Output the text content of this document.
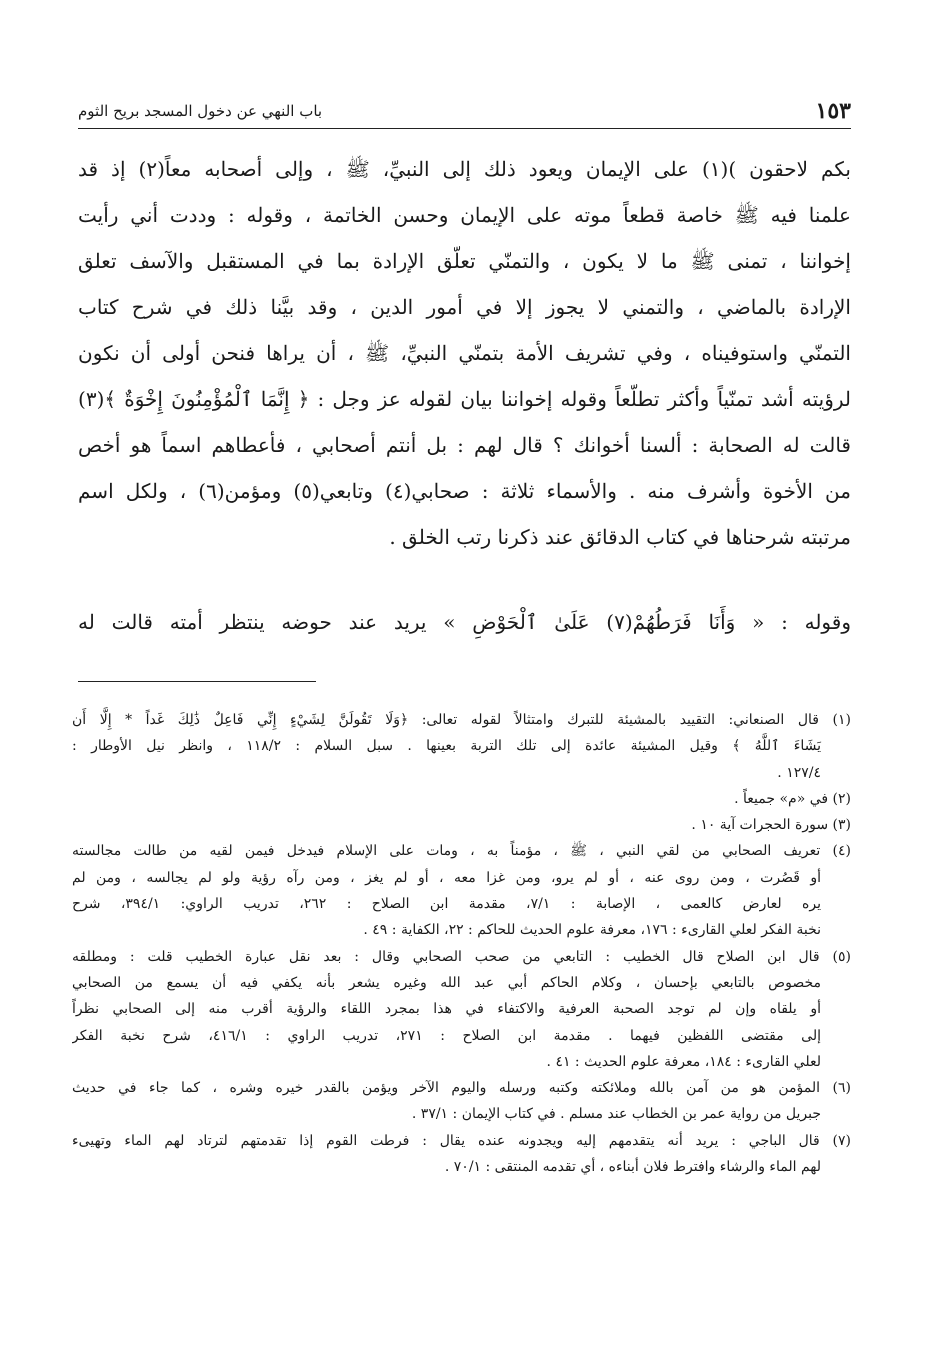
١٥٣
باب النهي عن دخول المسجد بريح الثوم
بكم لاحقون )(١) على الإيمان ويعود ذلك إلى النبيِّ، ﷺ ، وإلى أصحابه معاً(٢) إذ قد
علمنا فيه ﷺ خاصة قطعاً موته على الإيمان وحسن الخاتمة ، وقوله : وددت أني رأيت
إخواننا ، تمنى ﷺ ما لا يكون ، والتمنّي تعلّق الإرادة بما في المستقبل والآسف تعلق
الإرادة بالماضي ، والتمني لا يجوز إلا في أمور الدين ، وقد بيَّنا ذلك في شرح كتاب
التمنّي واستوفيناه ، وفي تشريف الأمة بتمنّي النبيِّ، ﷺ ، أن يراها فنحن أولى أن نكون
لرؤيته أشد تمنّياً وأكثر تطلّعاً وقوله إخواننا بيان لقوله عز وجل : ﴿ إِنَّمَا ٱلْمُؤْمِنُونَ إِخْوَةٌ ﴾(٣)
قالت له الصحابة : ألسنا أخوانك ؟ قال لهم : بل أنتم أصحابي ، فأعطاهم اسماً هو أخص
من الأخوة وأشرف منه . والأسماء ثلاثة : صحابي(٤) وتابعي(٥) ومؤمن(٦) ، ولكل اسم
مرتبته شرحناها في كتاب الدقائق عند ذكرنا رتب الخلق .
وقوله : « وَأَنَا فَرَطُهُمْ(٧) عَلَىٰ ٱلْحَوْضِ » يريد عند حوضه ينتظر أمته قالت له
(١) قال الصنعاني: التقييد بالمشيئة للتبرك وامتثالاً لقوله تعالى: ﴿وَلَا تَقُولَنَّ لِشَيْءٍ إِنِّي فَاعِلٌ ذَٰلِكَ غَداً * إِلَّا أَن
يَشَاءَ ٱللَّهُ ﴾ وقيل المشيئة عائدة إلى تلك التربة بعينها . سبل السلام : ١١٨/٢ ، وانظر نيل الأوطار :
١٢٧/٤ .
(٢) في «م» جميعاً .
(٣) سورة الحجرات آية ١٠ .
(٤) تعريف الصحابي من لقي النبي ، ﷺ ، مؤمناً به ، ومات على الإسلام فيدخل فيمن لقيه من طالت مجالسته
أو قَصُرت ، ومن روى عنه ، أو لم يرو، ومن غزا معه ، أو لم يغز ، ومن رآه رؤية ولو لم يجالسه ، ومن لم
يره لعارض كالعمى ، الإصابة : ٧/١، مقدمة ابن الصلاح : ٢٦٢، تدريب الراوي: ٣٩٤/١، شرح
نخبة الفكر لعلي القارىء : ١٧٦، معرفة علوم الحديث للحاكم : ٢٢، الكفاية : ٤٩ .
(٥) قال ابن الصلاح قال الخطيب : التابعي من صحب الصحابي وقال : بعد نقل عبارة الخطيب قلت : ومطلقه
مخصوص بالتابعي بإحسان ، وكلام الحاكم أبي عبد الله وغيره يشعر بأنه يكفي فيه أن يسمع من الصحابي
أو يلقاه وإن لم توجد الصحبة العرفية والاكتفاء في هذا بمجرد اللقاء والرؤية أقرب منه إلى الصحابي نظراً
إلى مقتضى اللفظين فيهما . مقدمة ابن الصلاح : ٢٧١، تدريب الراوي : ٤١٦/١، شرح نخبة الفكر
لعلي القارىء : ١٨٤، معرفة علوم الحديث : ٤١ .
(٦) المؤمن هو من آمن بالله وملائكته وكتبه ورسله واليوم الآخر ويؤمن بالقدر خيره وشره ، كما جاء في حديث
جبريل من رواية عمر بن الخطاب عند مسلم . في كتاب الإيمان : ٣٧/١ .
(٧) قال الباجي : يريد أنه يتقدمهم إليه ويجدونه عنده يقال : فرطت القوم إذا تقدمتهم لترتاد لهم الماء وتهيىء
لهم الماء والرشاء وافترط فلان أبناءه ، أي تقدمه المنتقى : ٧٠/١ .
